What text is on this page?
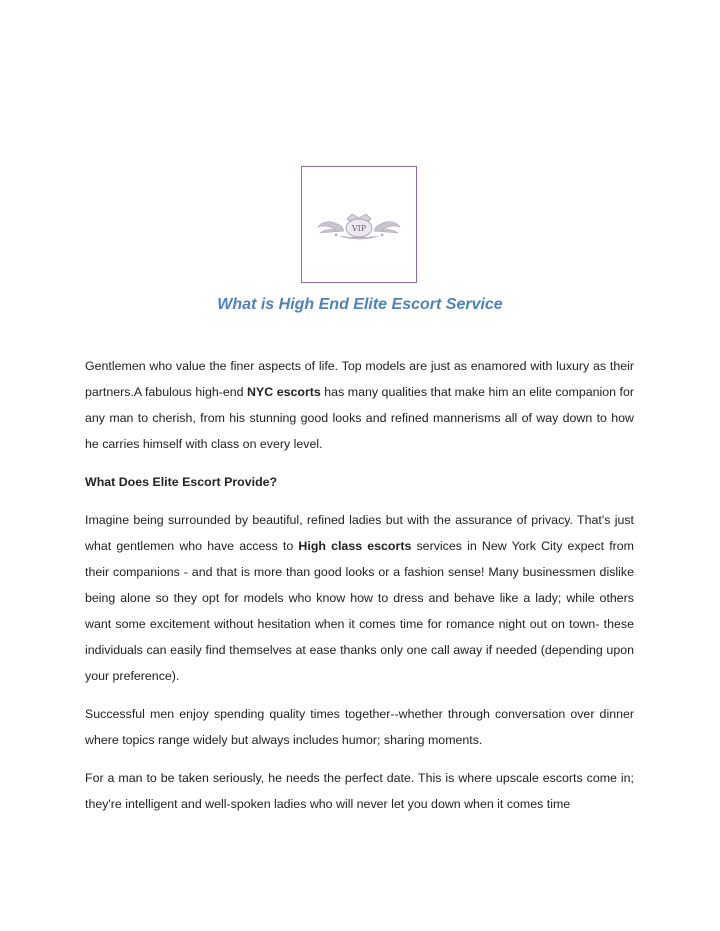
VIP
What is High End Elite Escort Service

Gentlemen who value the finer aspects of life. Top models are just as enamored with luxury as their partners.A fabulous high-end NYC escorts has many qualities that make him an elite companion for any man to cherish, from his stunning good looks and refined mannerisms all of way down to how he carries himself with class on every level.

What Does Elite Escort Provide?

Imagine being surrounded by beautiful, refined ladies but with the assurance of privacy. That's just what gentlemen who have access to High class escorts services in New York City expect from their companions - and that is more than good looks or a fashion sense! Many businessmen dislike being alone so they opt for models who know how to dress and behave like a lady; while others want some excitement without hesitation when it comes time for romance night out on town- these individuals can easily find themselves at ease thanks only one call away if needed (depending upon your preference).

Successful men enjoy spending quality times together--whether through conversation over dinner where topics range widely but always includes humor; sharing moments.

For a man to be taken seriously, he needs the perfect date. This is where upscale escorts come in; they're intelligent and well-spoken ladies who will never let you down when it comes time
